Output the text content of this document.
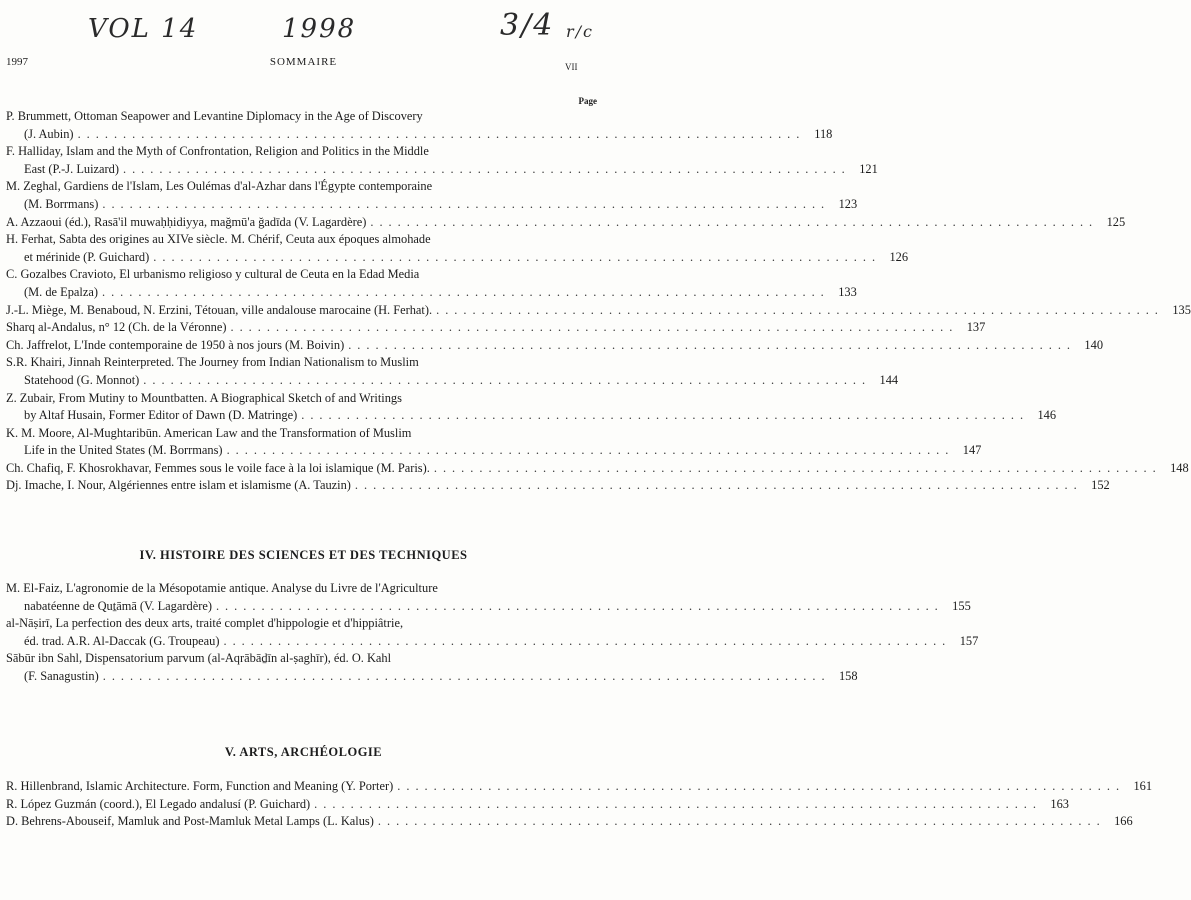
VOL 14	1998	3/4 r/c
1997	SOMMAIRE	VII
Page
P. Brummett, Ottoman Seapower and Levantine Diplomacy in the Age of Discovery
(J. Aubin) ................................................................................ 118
F. Halliday, Islam and the Myth of Confrontation, Religion and Politics in the Middle
East (P.-J. Luizard) ................................................................................ 121
M. Zeghal, Gardiens de l'Islam, Les Oulémas d'al-Azhar dans l'Égypte contemporaine
(M. Borrmans) ................................................................................ 123
A. Azzaoui (éd.), Rasā'il muwaḥḥidiyya, mağmū'a ğadīda (V. Lagardère) ................................................................................ 125
H. Ferhat, Sabta des origines au XIVe siècle. M. Chérif, Ceuta aux époques almohade
et mérinide (P. Guichard) ................................................................................ 126
C. Gozalbes Cravioto, El urbanismo religioso y cultural de Ceuta en la Edad Media
(M. de Epalza) ................................................................................ 133
J.-L. Miège, M. Benaboud, N. Erzini, Tétouan, ville andalouse marocaine (H. Ferhat). ................................................................................ 135
Sharq al-Andalus, n° 12 (Ch. de la Véronne) ................................................................................ 137
Ch. Jaffrelot, L'Inde contemporaine de 1950 à nos jours (M. Boivin) ................................................................................ 140
S.R. Khairi, Jinnah Reinterpreted. The Journey from Indian Nationalism to Muslim
Statehood (G. Monnot) ................................................................................ 144
Z. Zubair, From Mutiny to Mountbatten. A Biographical Sketch of and Writings
by Altaf Husain, Former Editor of Dawn (D. Matringe) ................................................................................ 146
K. M. Moore, Al-Mughtaribūn. American Law and the Transformation of Muslim
Life in the United States (M. Borrmans) ................................................................................ 147
Ch. Chafiq, F. Khosrokhavar, Femmes sous le voile face à la loi islamique (M. Paris). ................................................................................ 148
Dj. Imache, I. Nour, Algériennes entre islam et islamisme (A. Tauzin) ................................................................................ 152
IV. HISTOIRE DES SCIENCES ET DES TECHNIQUES
M. El-Faiz, L'agronomie de la Mésopotamie antique. Analyse du Livre de l'Agriculture
nabatéenne de Quṯāmā (V. Lagardère) ................................................................................ 155
al-Nāṣirī, La perfection des deux arts, traité complet d'hippologie et d'hippiâtrie,
éd. trad. A.R. Al-Daccak (G. Troupeau) ................................................................................ 157
Sābūr ibn Sahl, Dispensatorium parvum (al-Aqrābāḏīn al-ṣaghīr), éd. O. Kahl
(F. Sanagustin) ................................................................................ 158
V. ARTS, ARCHÉOLOGIE
R. Hillenbrand, Islamic Architecture. Form, Function and Meaning (Y. Porter) ................................................................................ 161
R. López Guzmán (coord.), El Legado andalusí (P. Guichard) ................................................................................ 163
D. Behrens-Abouseif, Mamluk and Post-Mamluk Metal Lamps (L. Kalus) ................................................................................ 166
